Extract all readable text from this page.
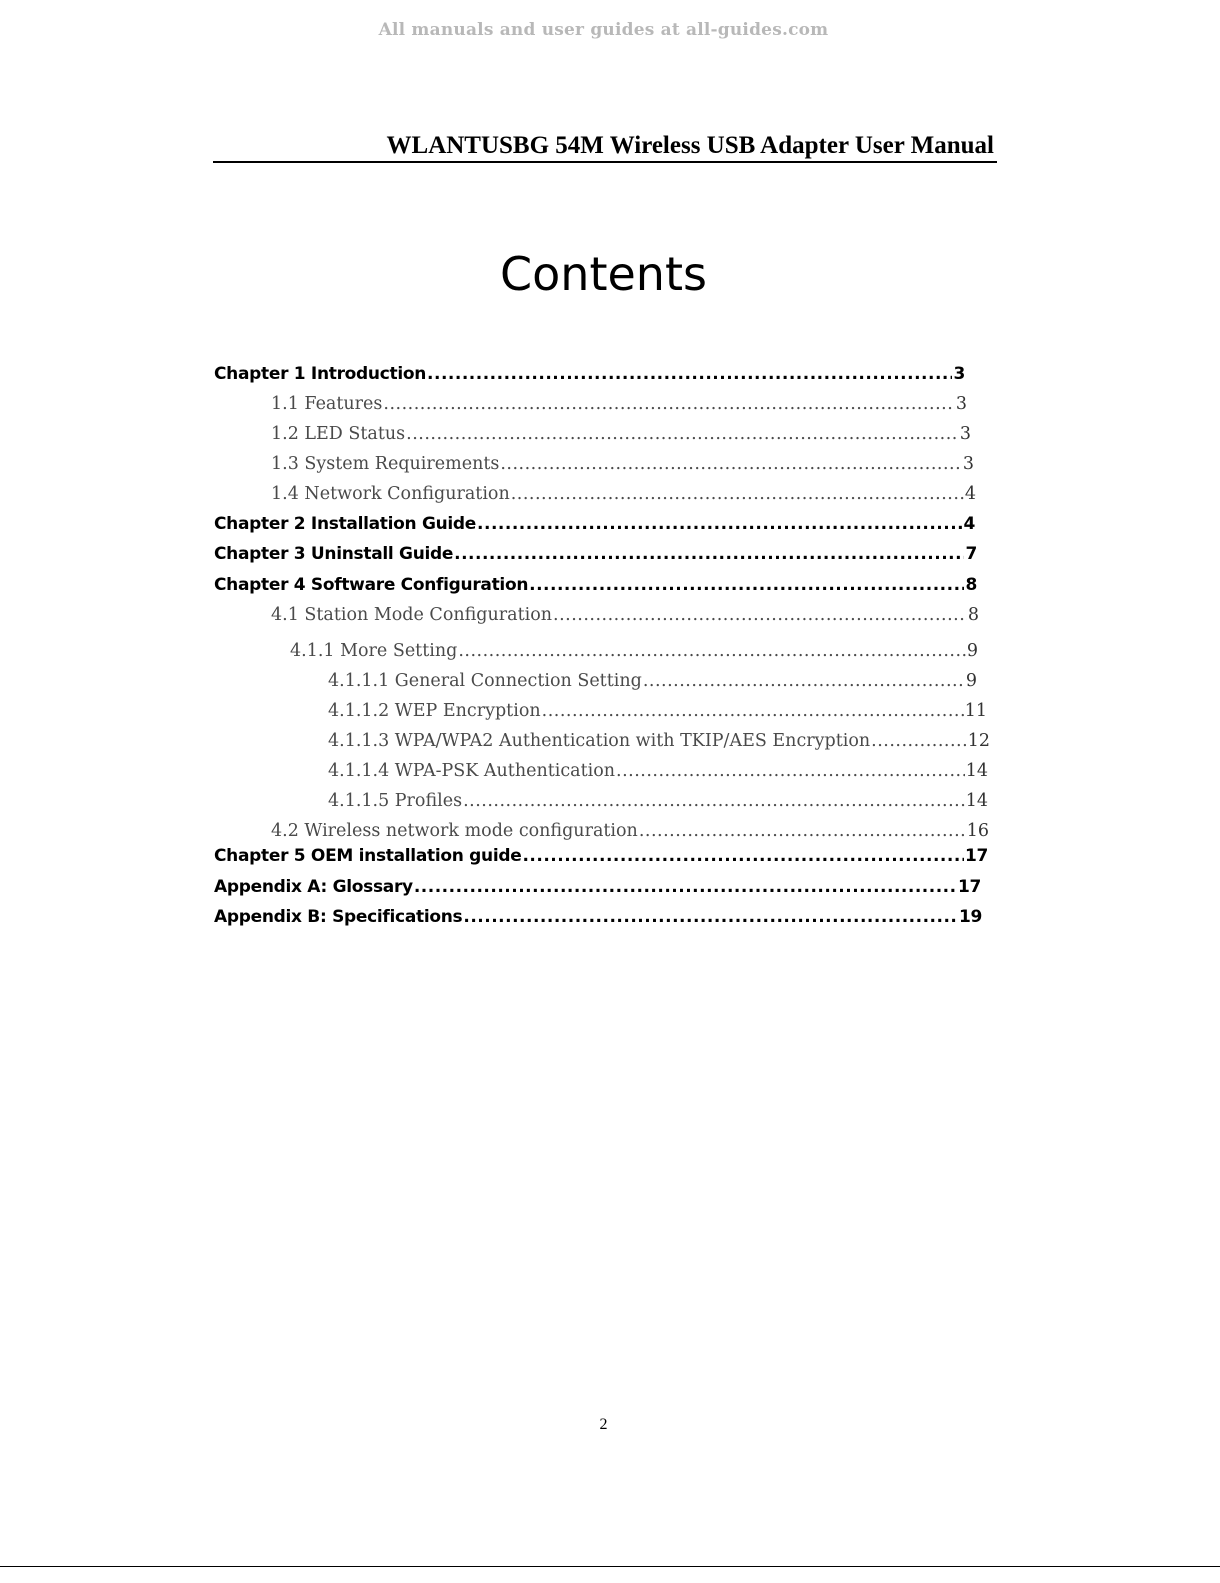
All manuals and user guides at all-guides.com
WLANTUSBG 54M Wireless USB Adapter User Manual
Contents
Chapter 1 Introduction .....	3
1.1 Features .....	3
1.2 LED Status .....	3
1.3 System Requirements .....	3
1.4 Network Configuration .....	4
Chapter 2 Installation Guide .....	4
Chapter 3 Uninstall Guide .....	7
Chapter 4 Software Configuration .....	8
4.1 Station Mode Configuration .....	8
4.1.1 More Setting .....	9
4.1.1.1 General Connection Setting .....	9
4.1.1.2 WEP Encryption .....	11
4.1.1.3 WPA/WPA2 Authentication with TKIP/AES Encryption .....	12
4.1.1.4 WPA-PSK Authentication .....	14
4.1.1.5 Profiles .....	14
4.2 Wireless network mode configuration .....	16
Chapter 5 OEM installation guide .....	17
Appendix A: Glossary .....	17
Appendix B: Specifications .....	19
2
